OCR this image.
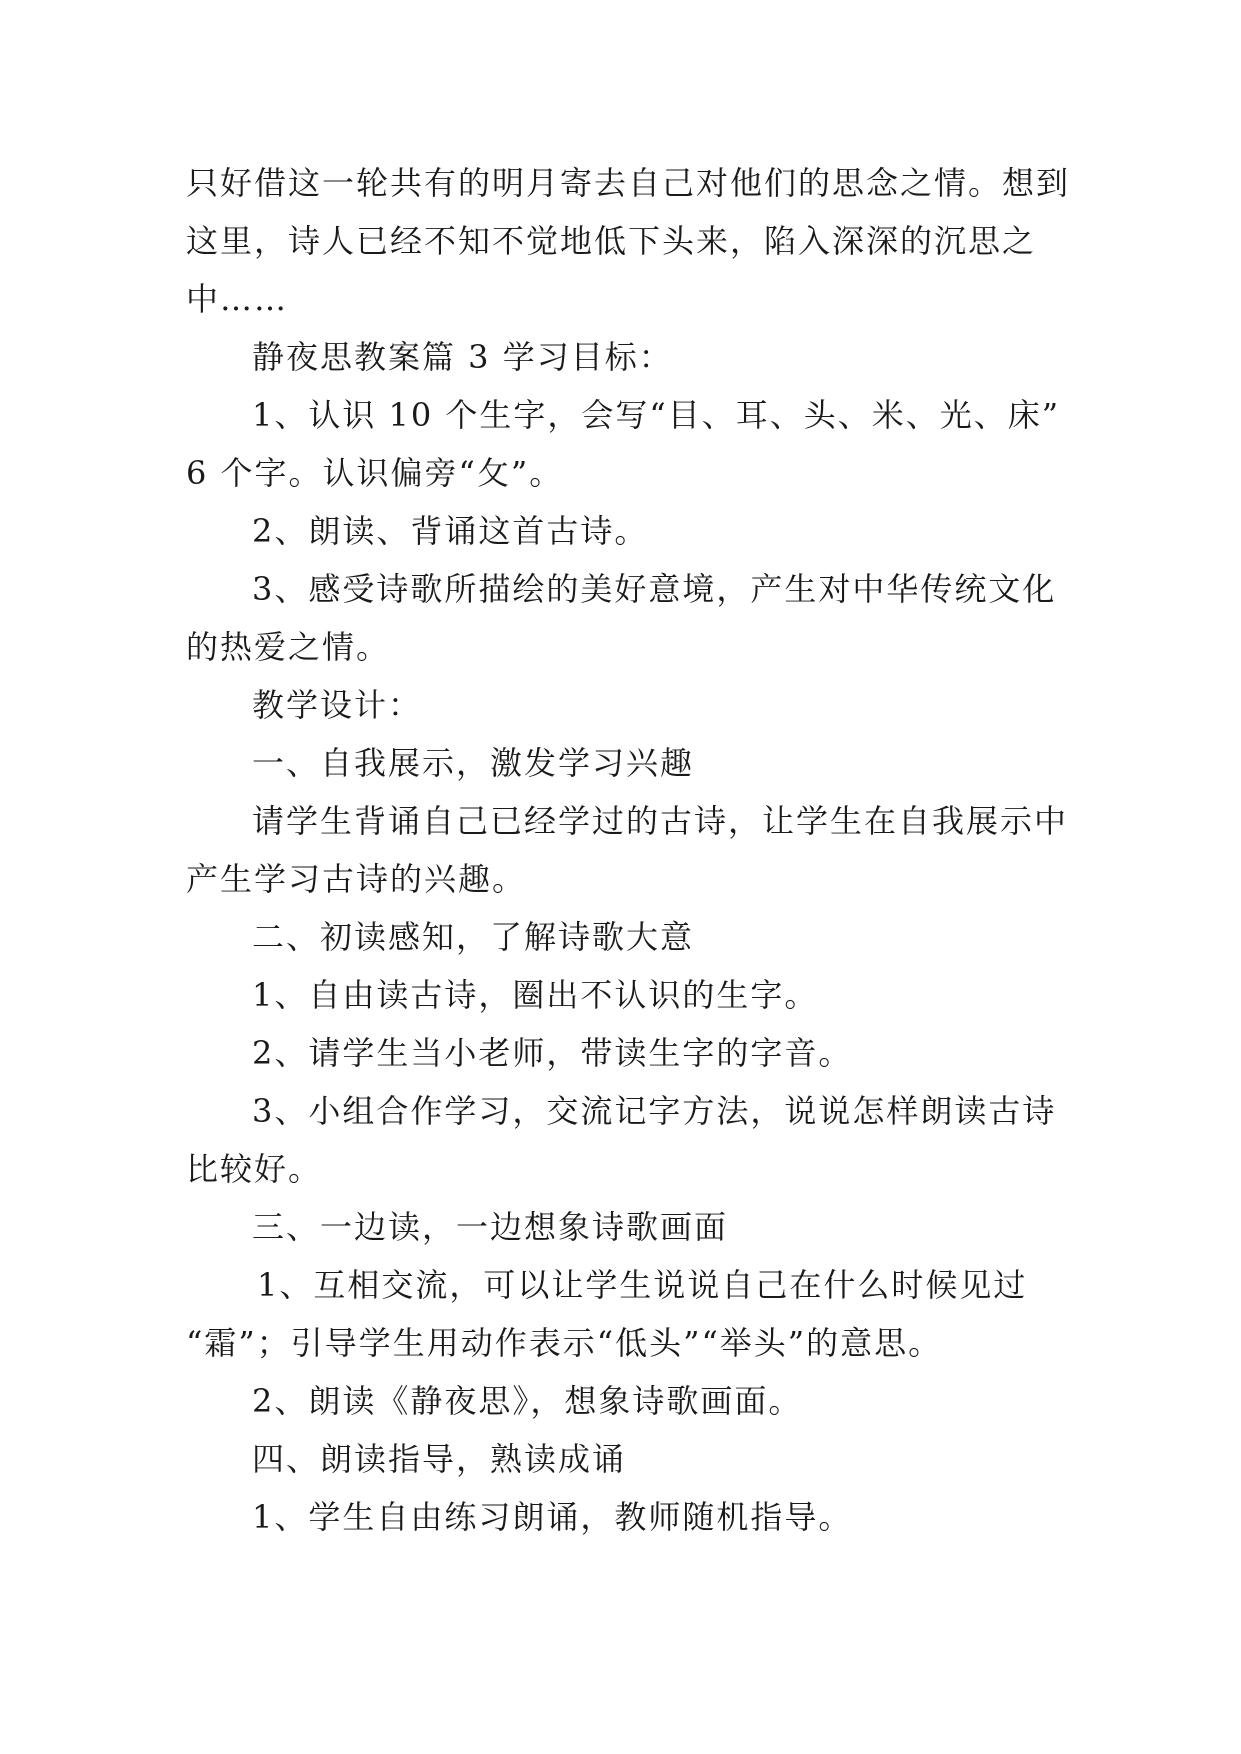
只好借这一轮共有的明月寄去自己对他们的思念之情。想到

这里，诗人已经不知不觉地低下头来，陷入深深的沉思之

中……

静夜思教案篇 3 学习目标：

1、认识 10 个生字，会写“目、耳、头、米、光、床”

6 个字。认识偏旁“攵”。

2、朗读、背诵这首古诗。

3、感受诗歌所描绘的美好意境，产生对中华传统文化

的热爱之情。

教学设计：

一、自我展示，激发学习兴趣

请学生背诵自己已经学过的古诗，让学生在自我展示中

产生学习古诗的兴趣。

二、初读感知，了解诗歌大意

1、自由读古诗，圈出不认识的生字。

2、请学生当小老师，带读生字的字音。

3、小组合作学习，交流记字方法，说说怎样朗读古诗

比较好。

三、一边读，一边想象诗歌画面

1、互相交流，可以让学生说说自己在什么时候见过

“霜”；引导学生用动作表示“低头”“举头”的意思。

2、朗读《静夜思》，想象诗歌画面。

四、朗读指导，熟读成诵

1、学生自由练习朗诵，教师随机指导。
